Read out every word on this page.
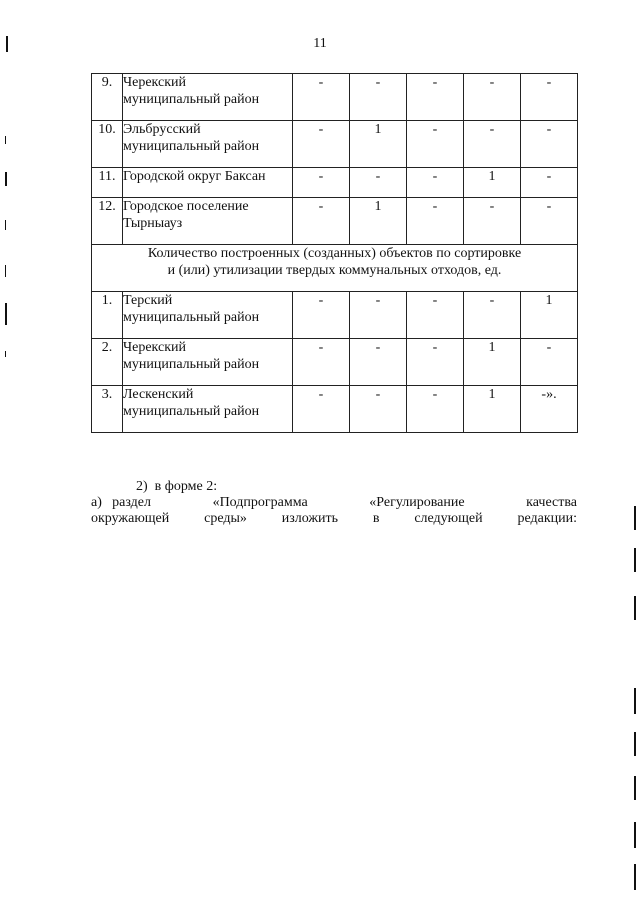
11
9.	Черекский
муниципальный район	-	-	-	-	-
10.	Эльбрусский
муниципальный район	-	1	-	-	-
11.	Городской округ Баксан	-	-	-	1	-
12.	Городское поселение
Тырныауз	-	1	-	-	-

Количество построенных (созданных) объектов по сортировке
и (или) утилизации твердых коммунальных отходов, ед.						

1.	Терский
муниципальный район	-	-	-	-	1
2.	Черекский
муниципальный район	-	-	-	1	-
3.	Лескенский
муниципальный район	-	-	-	1	-».
2)  в форме 2:
а) раздел      «Подпрограмма      «Регулирование      качества
окружающей среды» изложить в следующей редакции:
